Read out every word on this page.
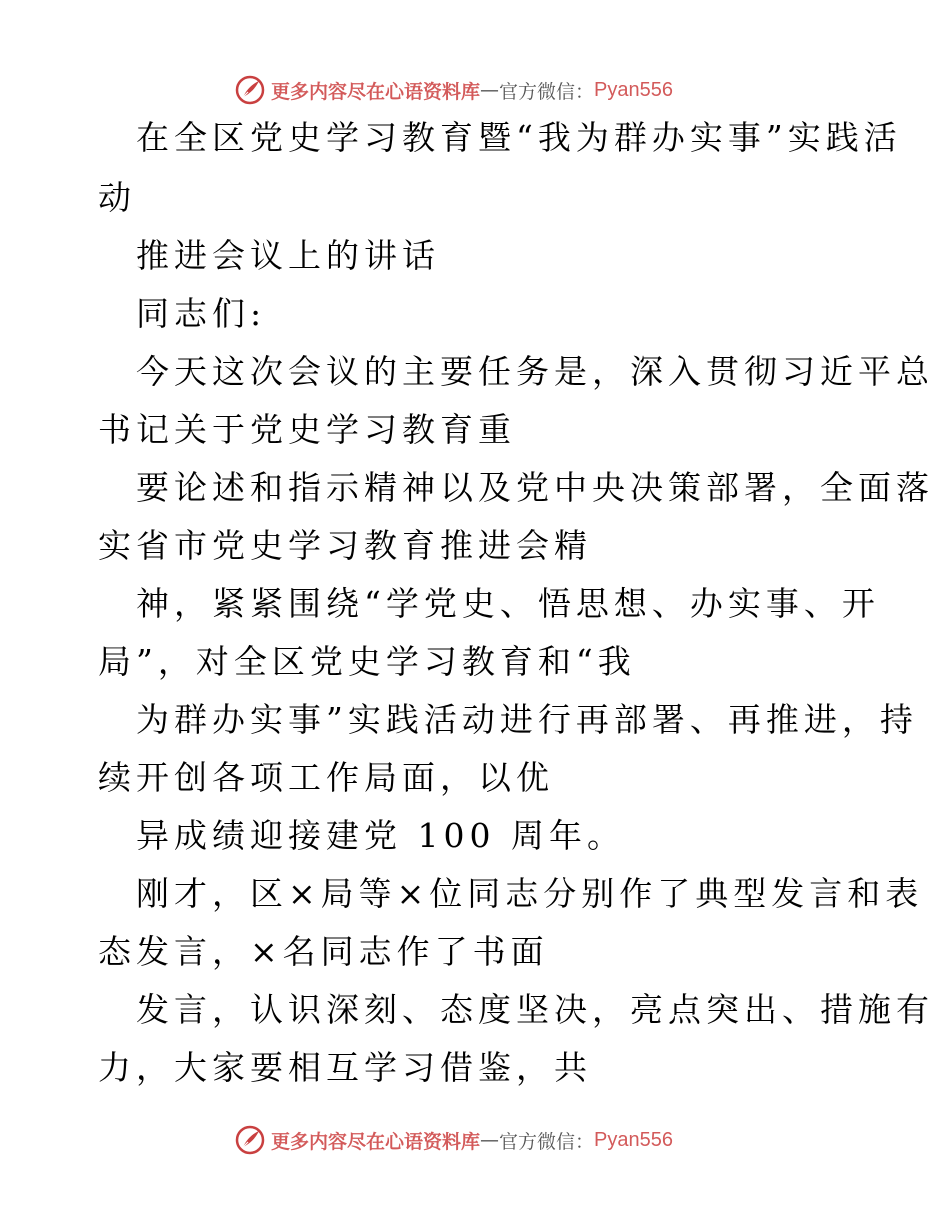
更多内容尽在心语资料库 — 官方微信： Pyan556
在全区党史学习教育暨“我为群办实事”实践活
动
推进会议上的讲话
同志们:
今天这次会议的主要任务是，深入贯彻习近平总
书记关于党史学习教育重
要论述和指示精神以及党中央决策部署，全面落
实省市党史学习教育推进会精
神，紧紧围绕“学党史、悟思想、办实事、开
局”，对全区党史学习教育和“我
为群办实事”实践活动进行再部署、再推进，持
续开创各项工作局面，以优
异成绩迎接建党 100 周年。
刚才，区×局等×位同志分别作了典型发言和表
态发言，×名同志作了书面
发言，认识深刻、态度坚决，亮点突出、措施有
力，大家要相互学习借鉴，共
更多内容尽在心语资料库 — 官方微信： Pyan556
